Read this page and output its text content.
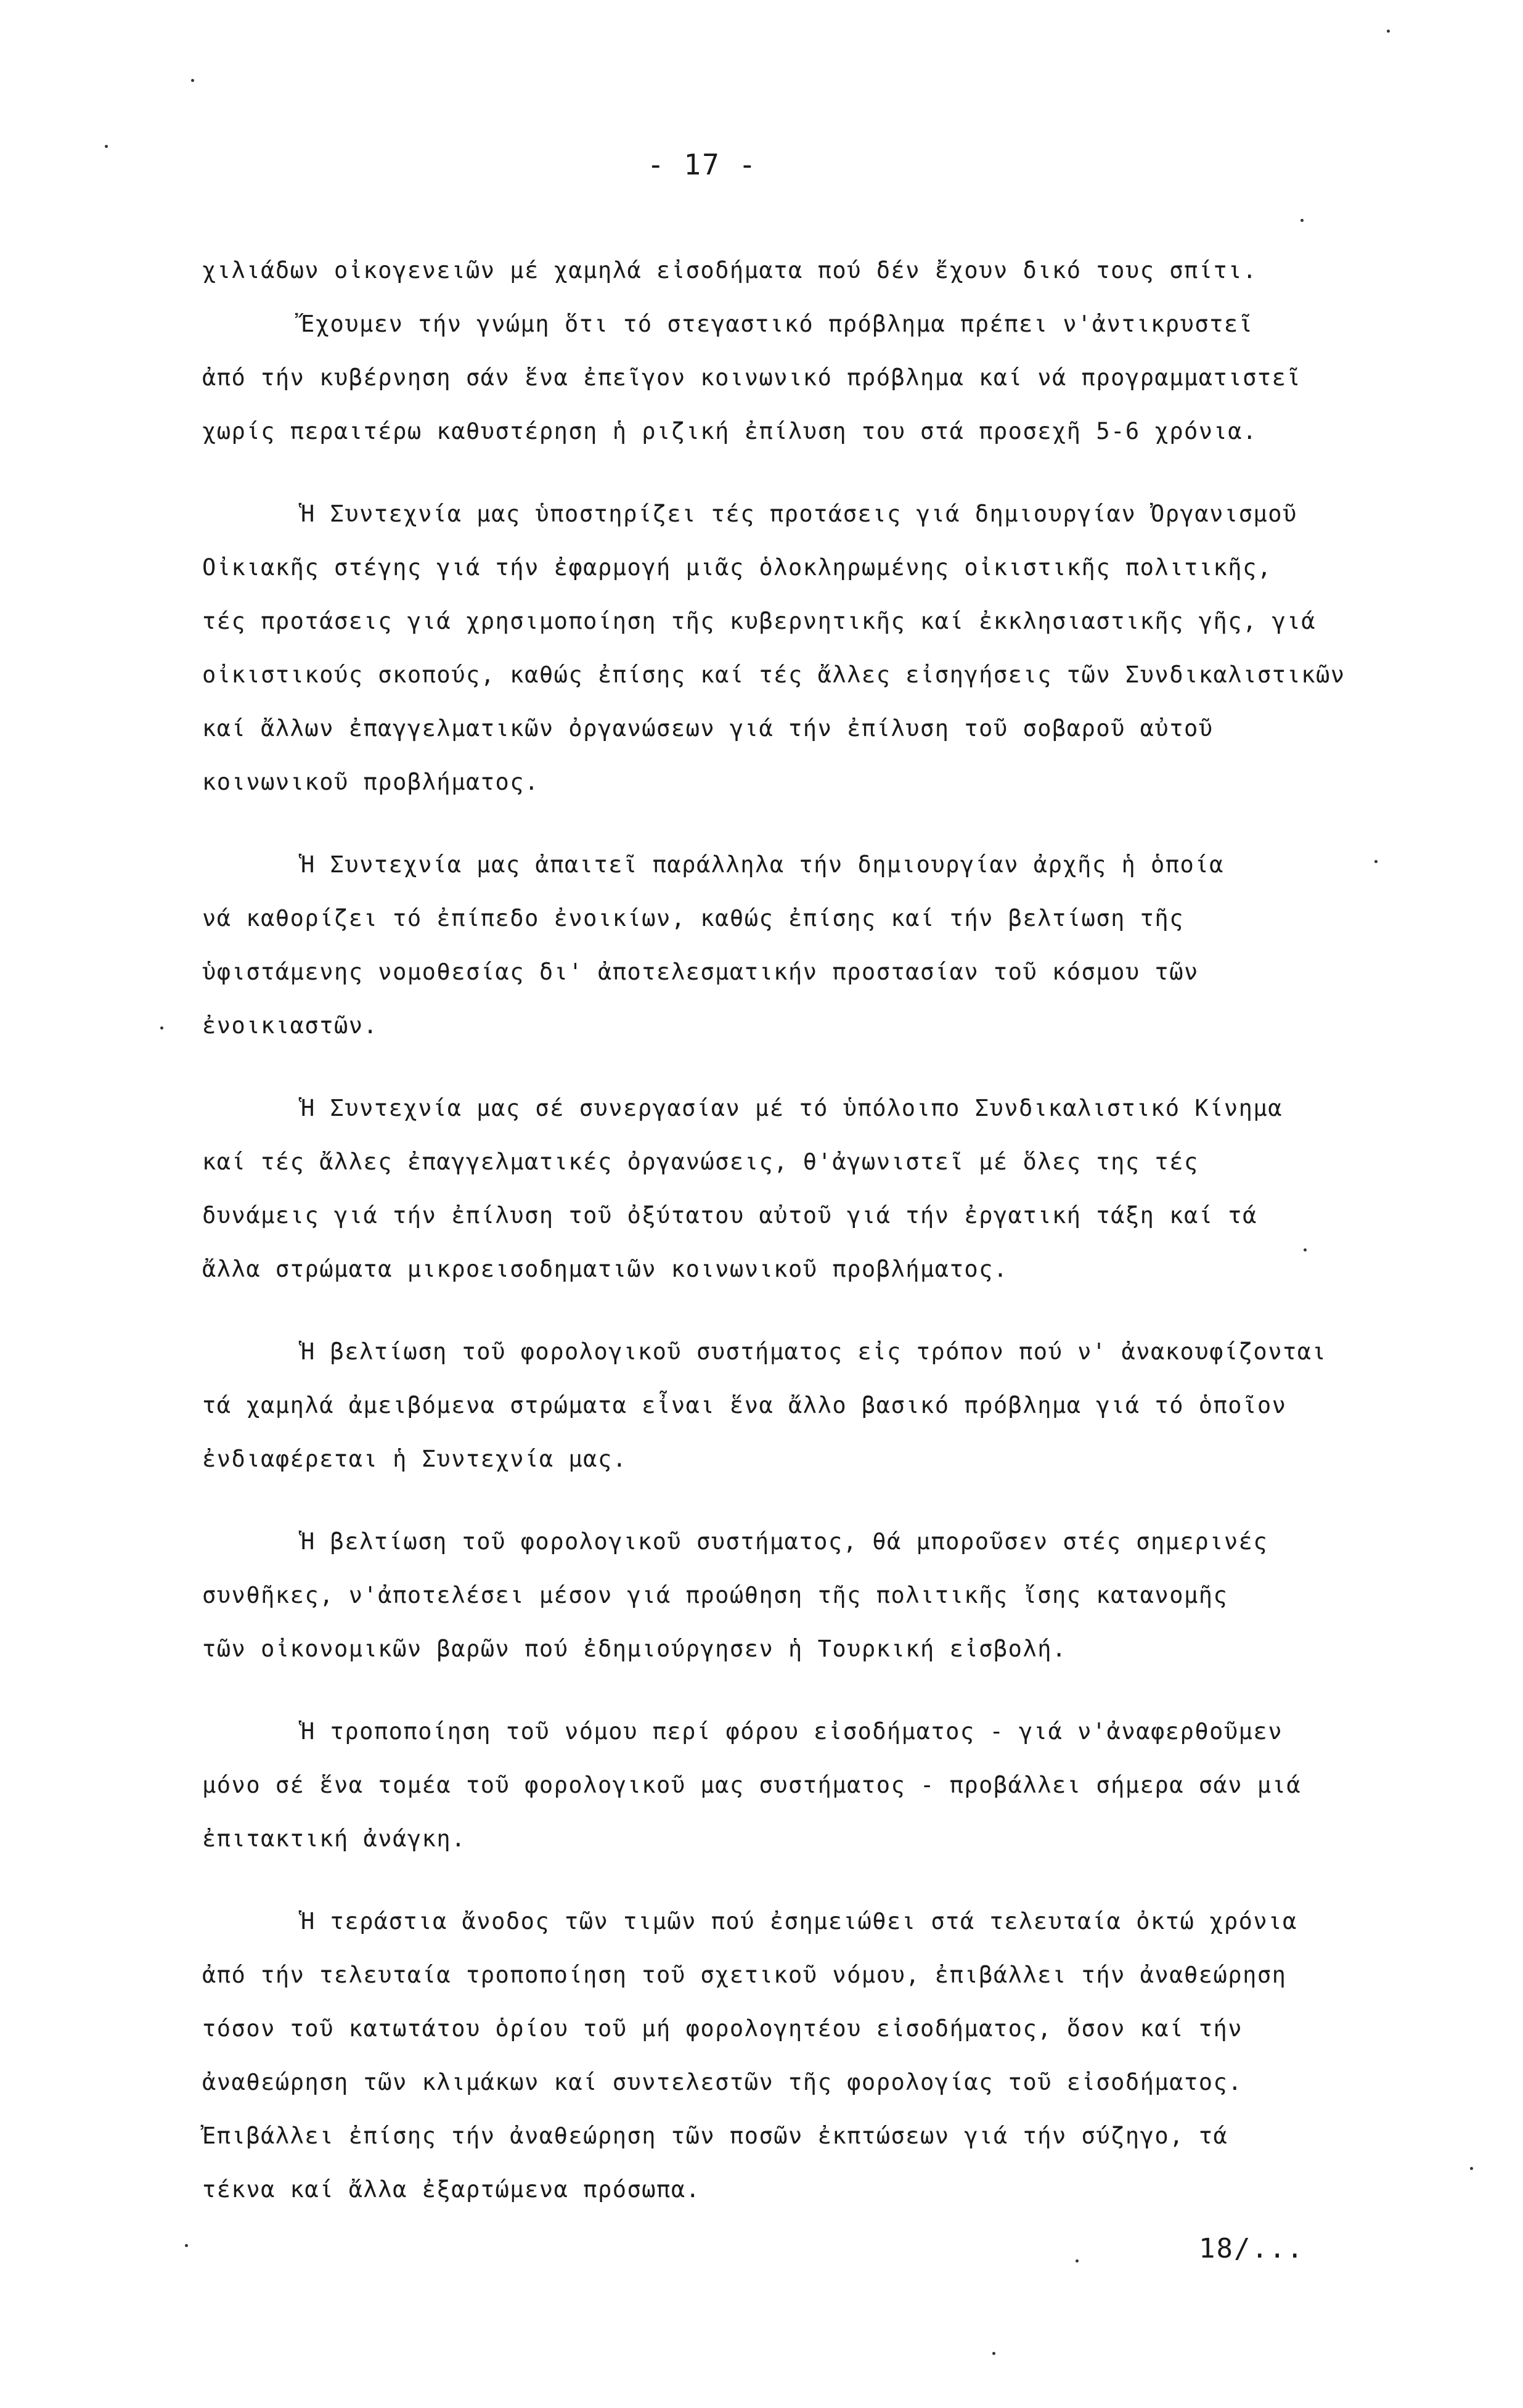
- 17 -
χιλιάδων οἰκογενειῶν μέ χαμηλά εἰσοδήματα πού δέν ἔχουν δικό τους σπίτι.
Ἔχουμεν τήν γνώμη ὅτι τό στεγαστικό πρόβλημα πρέπει ν'ἀντικρυστεῖ
ἀπό τήν κυβέρνηση σάν ἕνα ἐπεῖγον κοινωνικό πρόβλημα καί νά προγραμματιστεῖ
χωρίς περαιτέρω καθυστέρηση ἡ ριζική ἐπίλυση του στά προσεχῆ 5-6 χρόνια.
Ἡ Συντεχνία μας ὑποστηρίζει τές προτάσεις γιά δημιουργίαν Ὀργανισμοῦ
Οἰκιακῆς στέγης γιά τήν ἐφαρμογή μιᾶς ὁλοκληρωμένης οἰκιστικῆς πολιτικῆς,
τές προτάσεις γιά χρησιμοποίηση τῆς κυβερνητικῆς καί ἐκκλησιαστικῆς γῆς, γιά
οἰκιστικούς σκοπούς, καθώς ἐπίσης καί τές ἄλλες εἰσηγήσεις τῶν Συνδικαλιστικῶν
καί ἄλλων ἐπαγγελματικῶν ὀργανώσεων γιά τήν ἐπίλυση τοῦ σοβαροῦ αὐτοῦ
κοινωνικοῦ προβλήματος.
Ἡ Συντεχνία μας ἀπαιτεῖ παράλληλα τήν δημιουργίαν ἀρχῆς ἡ ὁποία
νά καθορίζει τό ἐπίπεδο ἐνοικίων, καθώς ἐπίσης καί τήν βελτίωση τῆς
ὑφιστάμενης νομοθεσίας δι' ἀποτελεσματικήν προστασίαν τοῦ κόσμου τῶν
ἐνοικιαστῶν.
Ἡ Συντεχνία μας σέ συνεργασίαν μέ τό ὑπόλοιπο Συνδικαλιστικό Κίνημα
καί τές ἄλλες ἐπαγγελματικές ὀργανώσεις, θ'ἀγωνιστεῖ μέ ὅλες της τές
δυνάμεις γιά τήν ἐπίλυση τοῦ ὀξύτατου αὐτοῦ γιά τήν ἐργατική τάξη καί τά
ἄλλα στρώματα μικροεισοδηματιῶν κοινωνικοῦ προβλήματος.
Ἡ βελτίωση τοῦ φορολογικοῦ συστήματος εἰς τρόπον πού ν' ἀνακουφίζονται
τά χαμηλά ἀμειβόμενα στρώματα εἶναι ἕνα ἄλλο βασικό πρόβλημα γιά τό ὁποῖον
ἐνδιαφέρεται ἡ Συντεχνία μας.
Ἡ βελτίωση τοῦ φορολογικοῦ συστήματος, θά μποροῦσεν στές σημερινές
συνθῆκες, ν'ἀποτελέσει μέσον γιά προώθηση τῆς πολιτικῆς ἴσης κατανομῆς
τῶν οἰκονομικῶν βαρῶν πού ἐδημιούργησεν ἡ Τουρκική εἰσβολή.
Ἡ τροποποίηση τοῦ νόμου περί φόρου εἰσοδήματος - γιά ν'ἀναφερθοῦμεν
μόνο σέ ἕνα τομέα τοῦ φορολογικοῦ μας συστήματος - προβάλλει σήμερα σάν μιά
ἐπιτακτική ἀνάγκη.
Ἡ τεράστια ἄνοδος τῶν τιμῶν πού ἐσημειώθει στά τελευταία ὀκτώ χρόνια
ἀπό τήν τελευταία τροποποίηση τοῦ σχετικοῦ νόμου, ἐπιβάλλει τήν ἀναθεώρηση
τόσον τοῦ κατωτάτου ὁρίου τοῦ μή φορολογητέου εἰσοδήματος, ὅσον καί τήν
ἀναθεώρηση τῶν κλιμάκων καί συντελεστῶν τῆς φορολογίας τοῦ εἰσοδήματος.
Ἐπιβάλλει ἐπίσης τήν ἀναθεώρηση τῶν ποσῶν ἐκπτώσεων γιά τήν σύζηγο, τά
τέκνα καί ἄλλα ἐξαρτώμενα πρόσωπα.
18/...
